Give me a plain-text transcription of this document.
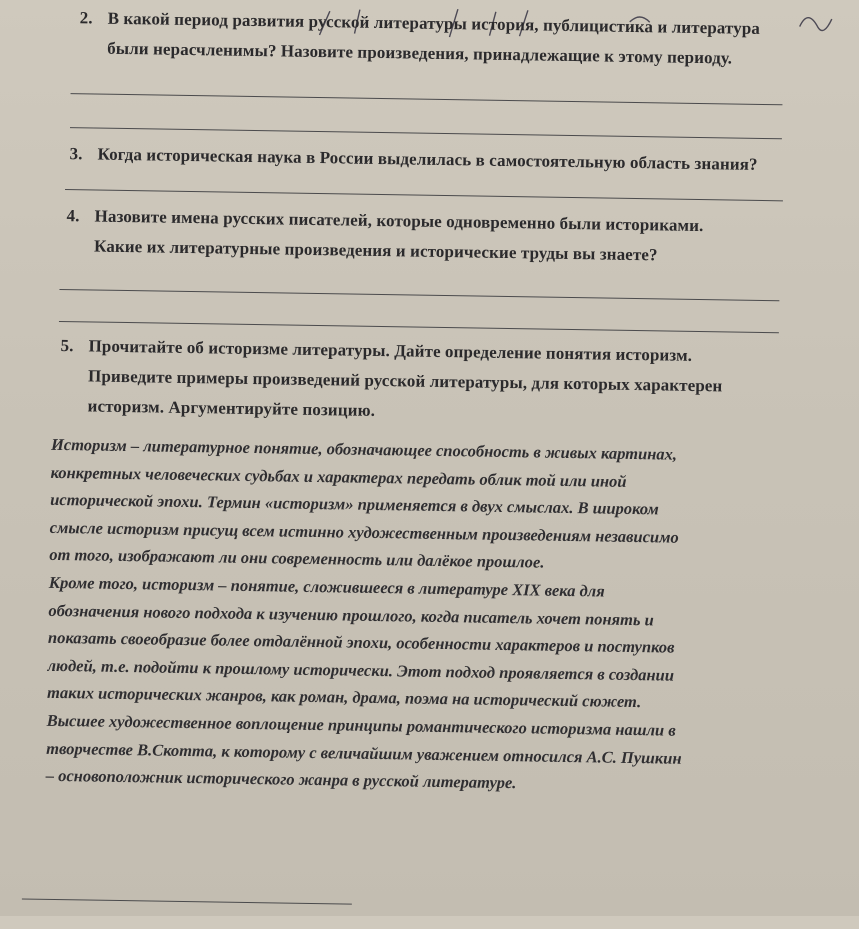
2. В какой период развития русской литературы история, публицистика и литература
были нерасчленимы? Назовите произведения, принадлежащие к этому периоду.
3. Когда историческая наука в России выделилась в самостоятельную область знания?
4. Назовите имена русских писателей, которые одновременно были историками.
Какие их литературные произведения и исторические труды вы знаете?
5. Прочитайте об историзме литературы. Дайте определение понятия историзм.
Приведите примеры произведений русской литературы, для которых характерен
историзм. Аргументируйте позицию.
Историзм – литературное понятие, обозначающее способность в живых картинах,
конкретных человеческих судьбах и характерах передать облик той или иной
исторической эпохи. Термин «историзм» применяется в двух смыслах. В широком
смысле историзм присущ всем истинно художественным произведениям независимо
от того, изображают ли они современность или далёкое прошлое.
Кроме того, историзм – понятие, сложившееся в литературе XIX века для
обозначения нового подхода к изучению прошлого, когда писатель хочет понять и
показать своеобразие более отдалённой эпохи, особенности характеров и поступков
людей, т.е. подойти к прошлому исторически. Этот подход проявляется в создании
таких исторических жанров, как роман, драма, поэма на исторический сюжет.
Высшее художественное воплощение принципы романтического историзма нашли в
творчестве В.Скотта, к которому с величайшим уважением относился А.С. Пушкин
– основоположник исторического жанра в русской литературе.
